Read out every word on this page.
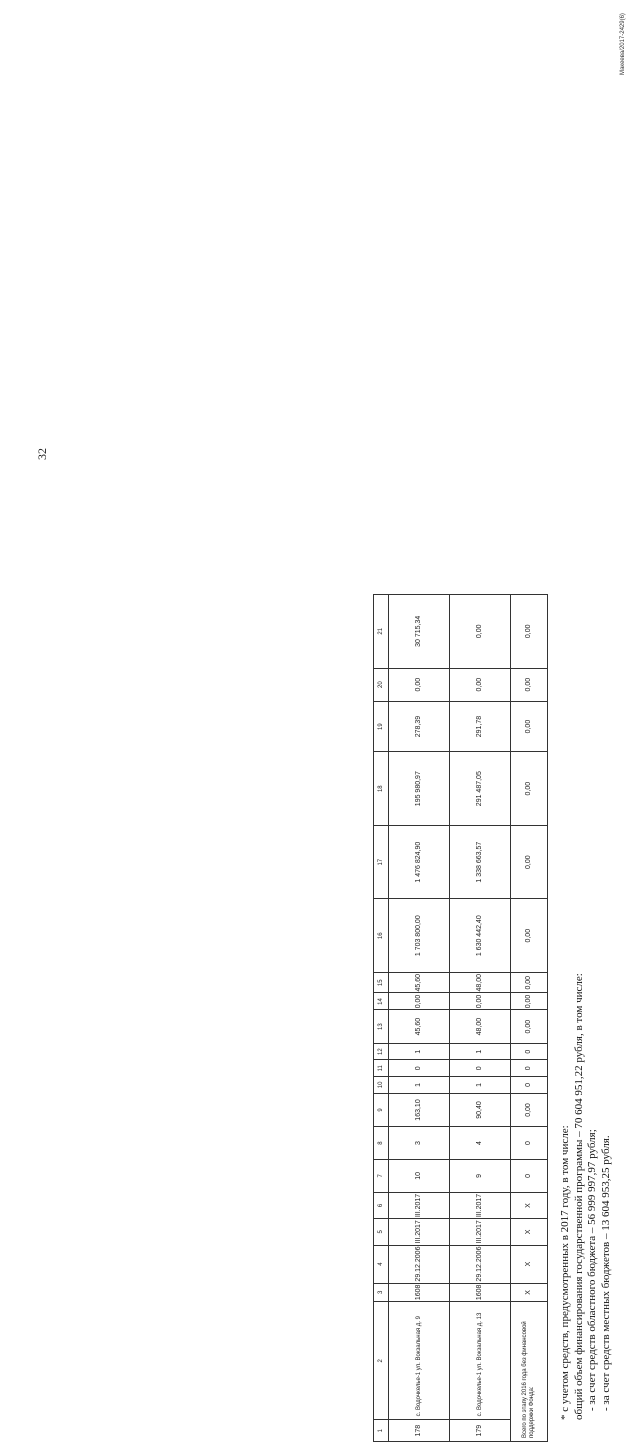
32
Макеева/2017-2429(6)
1	2	3	4	5	6	7	8	9	10	11	12	13	14	15	16	17	18	19	20	21
178	с. Водочкелье-1 ул. Вокзальная д. 9	1608	29.12.2006	III.2017	III.2017	10	3	163,10	1	0	1	45,60	0,00	45,60	1 703 800,00	1 476 824,90	195 980,97	278,39	0,00	30 715,34
179	с. Водочкелье-1 ул. Вокзальная д. 13	1608	29.12.2006	III.2017	III.2017	9	4	90,40	1	0	1	48,00	0,00	48,00	1 630 442,40	1 338 663,57	291 487,05	291,78	0,00	0,00
Всего по этапу 2016 года без финансовой поддержки Фонда:		X	X	X	X	0	0	0,00	0	0	0	0,00	0,00	0,00	0,00	0,00	0,00	0,00	0,00	0,00
* с учетом средств, предусмотренных в 2017 году, в том числе: общий объем финансирования государственной программы – 70 604 951,22 рубля, в том числе: - за счет средств областного бюджета – 56 999 997,97 рубля; - за счет средств местных бюджетов – 13 604 953,25 рубля.
